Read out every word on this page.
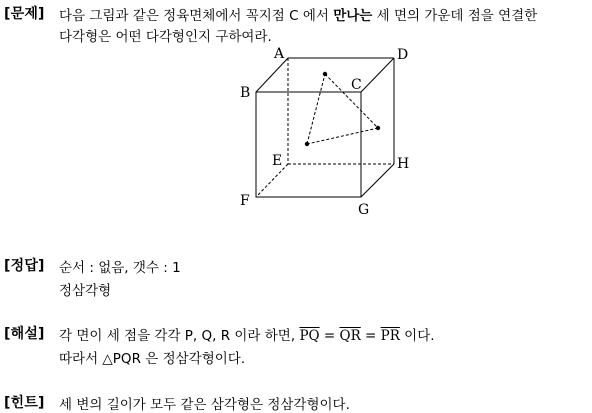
[문제] 다음 그림과 같은 정육면체에서 꼭지점 C 에서 만나는 세 면의 가운데 점을 연결한
다각형은 어떤 다각형인지 구하여라.
A	D
B	C
E	H
F
G
[정답] 순서 : 없음, 갯수 : 1
정삼각형
[해설] 각 면이 세 점을 각각 P, Q, R 이라 하면, $\overline{PQ} = \overline{QR} = \overline{PR}$ 이다.
따라서 △PQR 은 정삼각형이다.
[힌트] 세 변의 길이가 모두 같은 삼각형은 정삼각형이다.
